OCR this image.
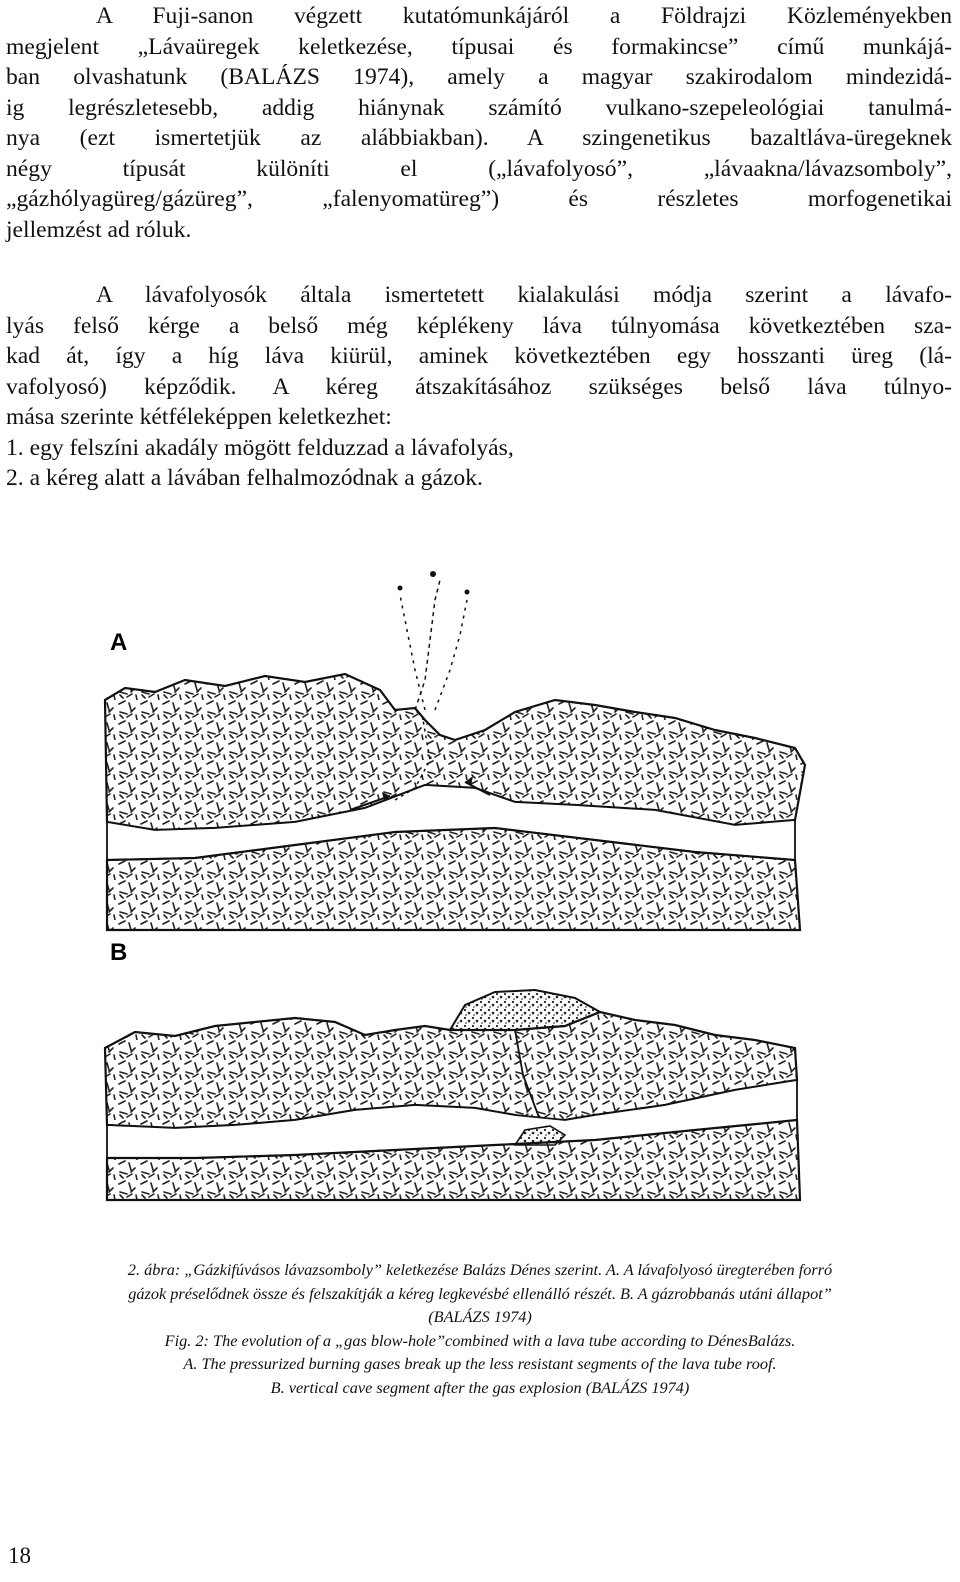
A Fuji-sanon végzett kutatómunkájáról a Földrajzi Közleményekben
megjelent „Lávaüregek keletkezése, típusai és formakincse” című munkájá-
ban olvashatunk (BALÁZS 1974), amely a magyar szakirodalom mindezidá-
ig legrészletesebb, addig hiánynak számító vulkano-szepeleológiai tanulmá-
nya (ezt ismertetjük az alábbiakban). A szingenetikus bazaltláva-üregeknek
négy típusát különíti el („lávafolyosó”, „lávaakna/lávazsomboly”,
„gázhólyagüreg/gázüreg”, „falenyomatüreg”) és részletes morfogenetikai
jellemzést ad róluk.
A lávafolyosók általa ismertetett kialakulási módja szerint a lávafo-
lyás felső kérge a belső még képlékeny láva túlnyomása következtében sza-
kad át, így a híg láva kiürül, aminek következtében egy hosszanti üreg (lá-
vafolyosó) képződik. A kéreg átszakításához szükséges belső láva túlnyo-
mása szerinte kétféleképpen keletkezhet:
1. egy felszíni akadály mögött felduzzad a lávafolyás,
2. a kéreg alatt a lávában felhalmozódnak a gázok.
A
B
2. ábra: „Gázkifúvásos lávazsomboly” keletkezése Balázs Dénes szerint. A. A lávafolyosó üregterében forró
gázok préselődnek össze és felszakítják a kéreg legkevésbé ellenálló részét. B. A gázrobbanás utáni állapot”
(BALÁZS 1974)
Fig. 2: The evolution of a „gas blow-hole”combined with a lava tube according to DénesBalázs.
A. The pressurized burning gases break up the less resistant segments of the lava tube roof.
B. vertical cave segment after the gas explosion (BALÁZS 1974)
18
